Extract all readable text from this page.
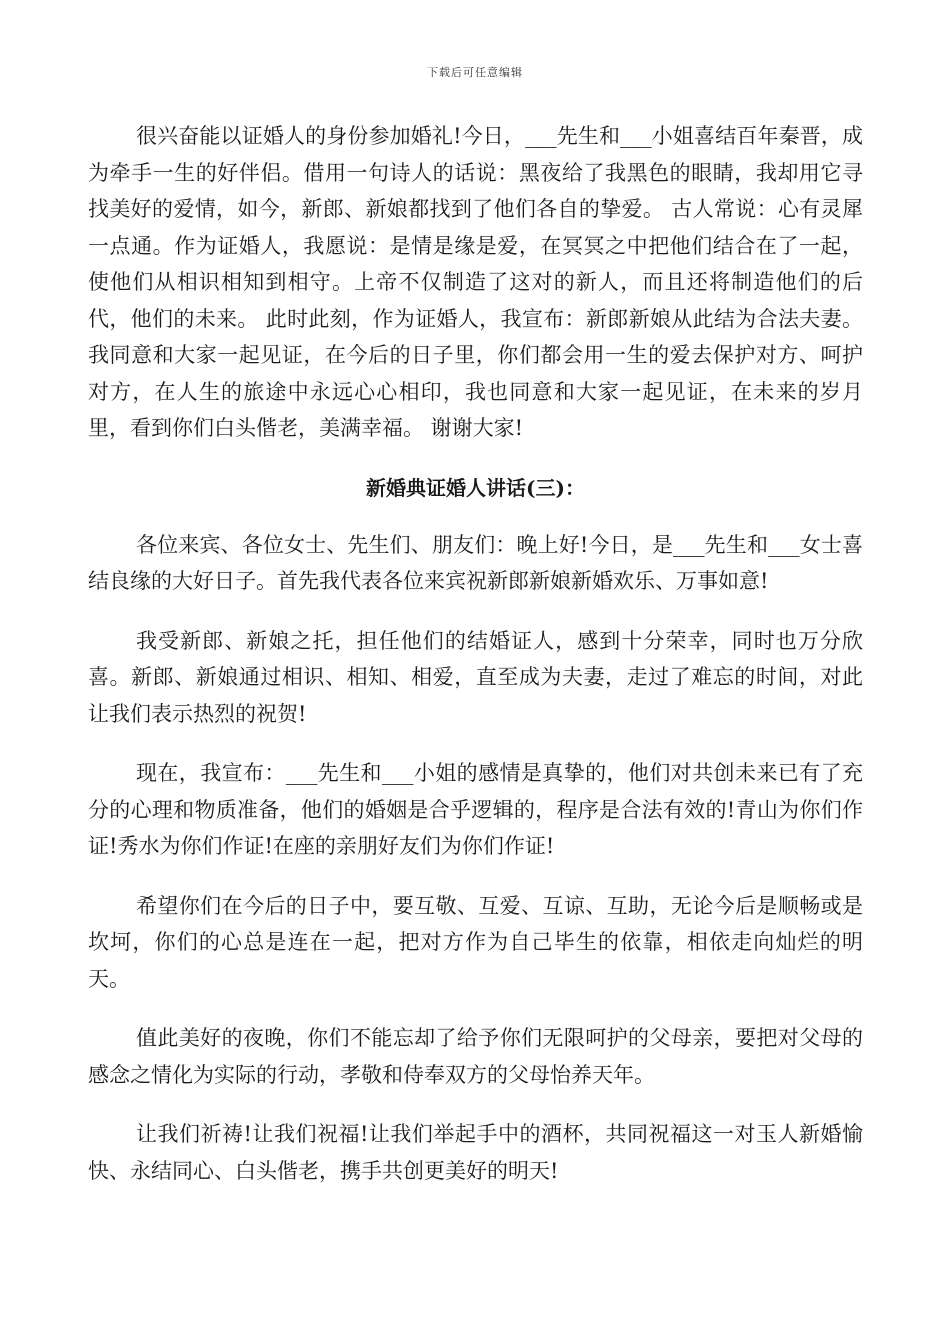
下载后可任意编辑

很兴奋能以证婚人的身份参加婚礼!今日，___先生和___小姐喜结百年秦晋，成为牵手一生的好伴侣。借用一句诗人的话说：黑夜给了我黑色的眼睛，我却用它寻找美好的爱情，如今，新郎、新娘都找到了他们各自的挚爱。 古人常说：心有灵犀一点通。作为证婚人，我愿说：是情是缘是爱，在冥冥之中把他们结合在了一起，使他们从相识相知到相守。上帝不仅制造了这对的新人，而且还将制造他们的后代，他们的未来。 此时此刻，作为证婚人，我宣布：新郎新娘从此结为合法夫妻。 我同意和大家一起见证，在今后的日子里，你们都会用一生的爱去保护对方、呵护对方，在人生的旅途中永远心心相印，我也同意和大家一起见证，在未来的岁月里，看到你们白头偕老，美满幸福。 谢谢大家!

新婚典证婚人讲话(三)：

各位来宾、各位女士、先生们、朋友们：晚上好!今日，是___先生和___女士喜结良缘的大好日子。首先我代表各位来宾祝新郎新娘新婚欢乐、万事如意!

我受新郎、新娘之托，担任他们的结婚证人，感到十分荣幸，同时也万分欣喜。新郎、新娘通过相识、相知、相爱，直至成为夫妻，走过了难忘的时间，对此让我们表示热烈的祝贺!

现在，我宣布：___先生和___小姐的感情是真挚的，他们对共创未来已有了充分的心理和物质准备，他们的婚姻是合乎逻辑的，程序是合法有效的!青山为你们作证!秀水为你们作证!在座的亲朋好友们为你们作证!

希望你们在今后的日子中，要互敬、互爱、互谅、互助，无论今后是顺畅或是坎坷，你们的心总是连在一起，把对方作为自己毕生的依靠，相依走向灿烂的明天。

值此美好的夜晚，你们不能忘却了给予你们无限呵护的父母亲，要把对父母的感念之情化为实际的行动，孝敬和侍奉双方的父母怡养天年。

让我们祈祷!让我们祝福!让我们举起手中的酒杯，共同祝福这一对玉人新婚愉快、永结同心、白头偕老，携手共创更美好的明天!
